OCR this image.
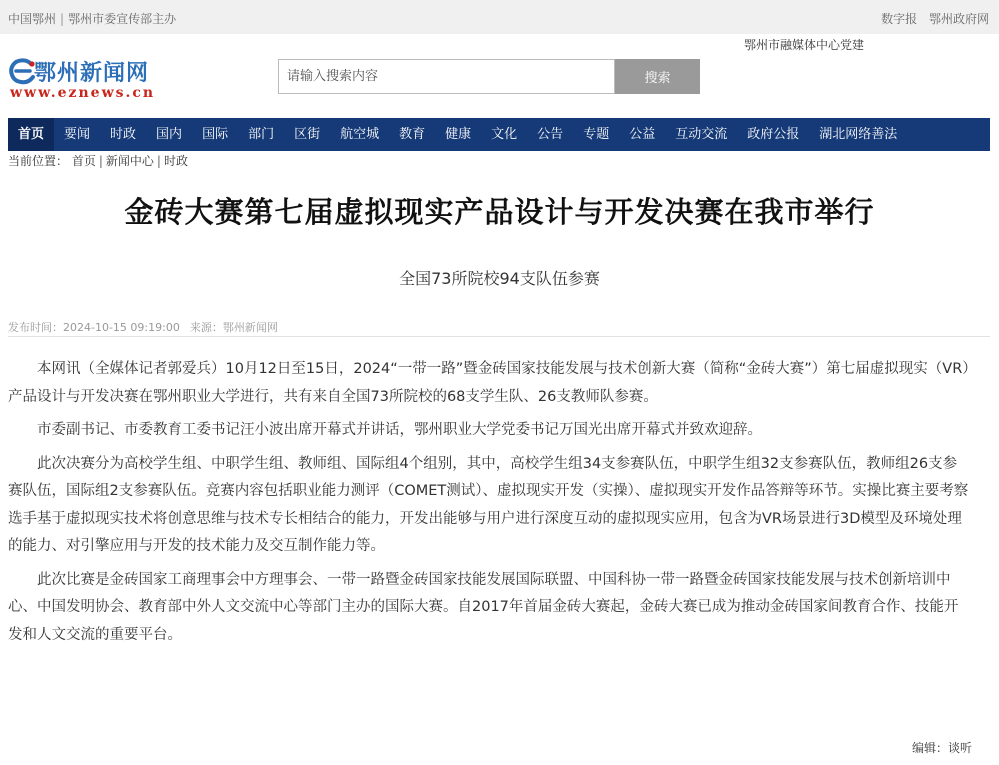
中国鄂州 | 鄂州市委宣传部主办	数字报 鄂州政府网
鄂州市融媒体中心党建
鄂州新闻网
www.eznews.cn
请输入搜索内容
搜索
首页	要闻	时政	国内	国际	部门	区街	航空城	教育	健康	文化	公告	专题	公益	互动交流	政府公报	湖北网络善法
当前位置： 首页 | 新闻中心 | 时政
金砖大赛第七届虚拟现实产品设计与开发决赛在我市举行
全国73所院校94支队伍参赛
发布时间：2024-10-15 09:19:00 来源：鄂州新闻网

本网讯（全媒体记者郭爱兵）10月12日至15日，2024“一带一路”暨金砖国家技能发展与技术创新大赛（简称“金砖大赛”）第七届虚拟现实（VR）产品设计与开发决赛在鄂州职业大学进行，共有来自全国73所院校的68支学生队、26支教师队参赛。

市委副书记、市委教育工委书记汪小波出席开幕式并讲话，鄂州职业大学党委书记万国光出席开幕式并致欢迎辞。

此次决赛分为高校学生组、中职学生组、教师组、国际组4个组别，其中，高校学生组34支参赛队伍，中职学生组32支参赛队伍，教师组26支参赛队伍，国际组2支参赛队伍。竞赛内容包括职业能力测评（COMET测试）、虚拟现实开发（实操）、虚拟现实开发作品答辩等环节。实操比赛主要考察选手基于虚拟现实技术将创意思维与技术专长相结合的能力，开发出能够与用户进行深度互动的虚拟现实应用，包含为VR场景进行3D模型及环境处理的能力、对引擎应用与开发的技术能力及交互制作能力等。

此次比赛是金砖国家工商理事会中方理事会、一带一路暨金砖国家技能发展国际联盟、中国科协一带一路暨金砖国家技能发展与技术创新培训中心、中国发明协会、教育部中外人文交流中心等部门主办的国际大赛。自2017年首届金砖大赛起，金砖大赛已成为推动金砖国家间教育合作、技能开发和人文交流的重要平台。

编辑：谈听
